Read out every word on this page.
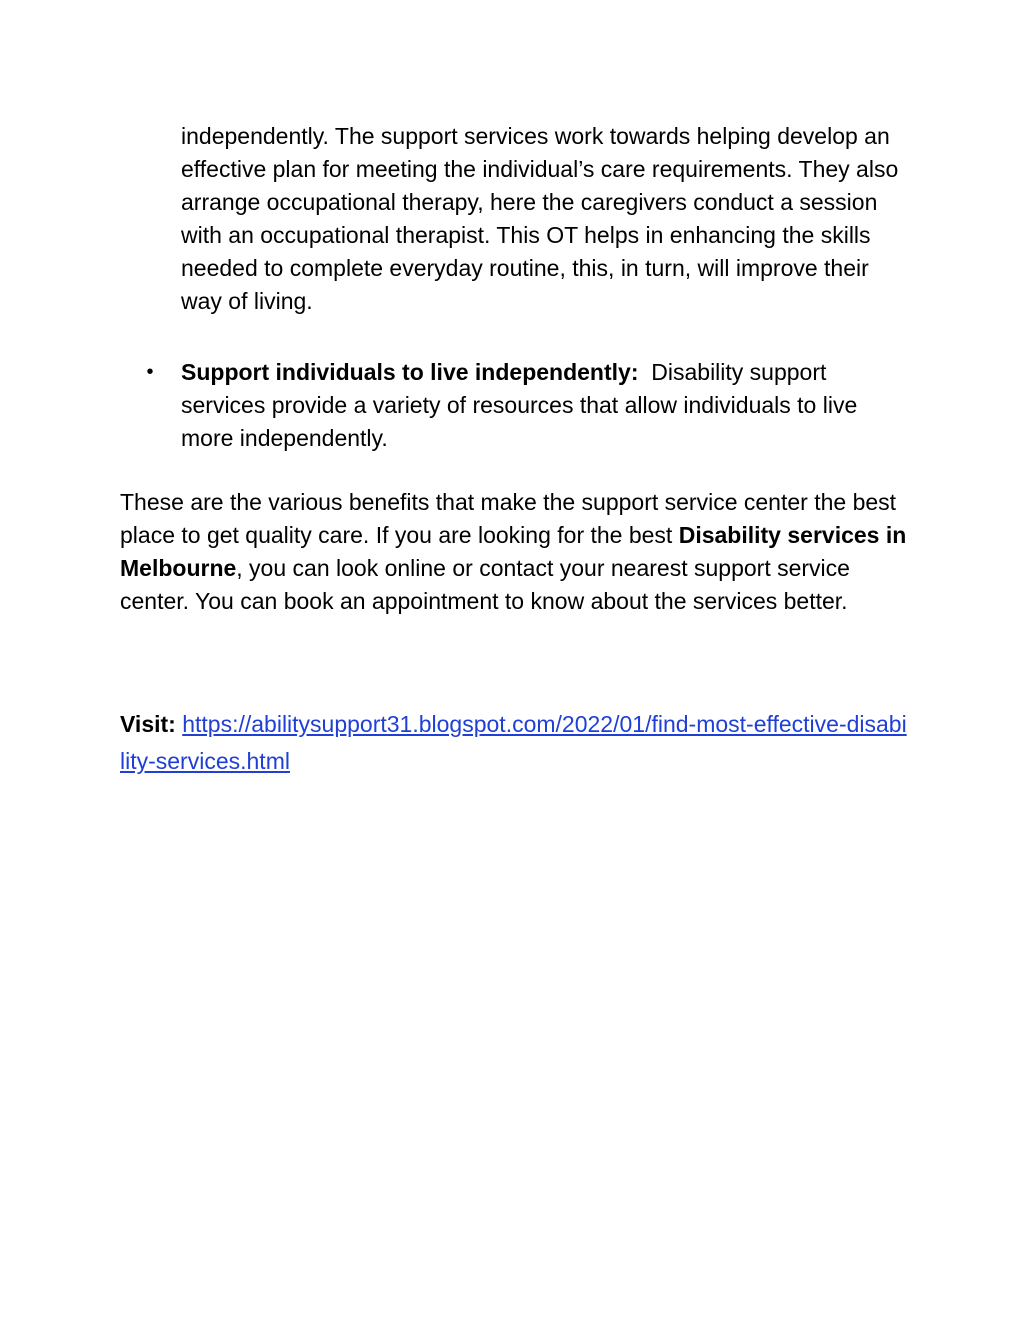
independently. The support services work towards helping develop an effective plan for meeting the individual’s care requirements. They also arrange occupational therapy, here the caregivers conduct a session with an occupational therapist. This OT helps in enhancing the skills needed to complete everyday routine, this, in turn, will improve their way of living.

• Support individuals to live independently: Disability support services provide a variety of resources that allow individuals to live more independently.

These are the various benefits that make the support service center the best place to get quality care. If you are looking for the best Disability services in Melbourne, you can look online or contact your nearest support service center. You can book an appointment to know about the services better.

Visit: https://abilitysupport31.blogspot.com/2022/01/find-most-effective-disability-services.html
